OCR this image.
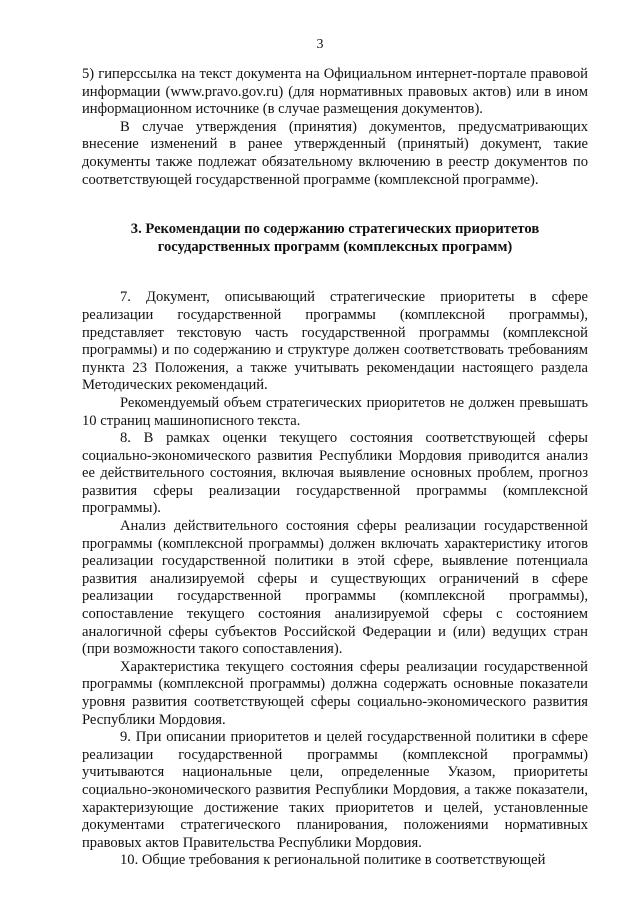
3

5) гиперссылка на текст документа на Официальном интернет-портале правовой информации (www.pravo.gov.ru) (для нормативных правовых актов) или в ином информационном источнике (в случае размещения документов).

В случае утверждения (принятия) документов, предусматривающих внесение изменений в ранее утвержденный (принятый) документ, такие документы также подлежат обязательному включению в реестр документов по соответствующей государственной программе (комплексной программе).

3. Рекомендации по содержанию стратегических приоритетов государственных программ (комплексных программ)

7. Документ, описывающий стратегические приоритеты в сфере реализации государственной программы (комплексной программы), представляет текстовую часть государственной программы (комплексной программы) и по содержанию и структуре должен соответствовать требованиям пункта 23 Положения, а также учитывать рекомендации настоящего раздела Методических рекомендаций.

Рекомендуемый объем стратегических приоритетов не должен превышать 10 страниц машинописного текста.

8. В рамках оценки текущего состояния соответствующей сферы социально-экономического развития Республики Мордовия приводится анализ ее действительного состояния, включая выявление основных проблем, прогноз развития сферы реализации государственной программы (комплексной программы).

Анализ действительного состояния сферы реализации государственной программы (комплексной программы) должен включать характеристику итогов реализации государственной политики в этой сфере, выявление потенциала развития анализируемой сферы и существующих ограничений в сфере реализации государственной программы (комплексной программы), сопоставление текущего состояния анализируемой сферы с состоянием аналогичной сферы субъектов Российской Федерации и (или) ведущих стран (при возможности такого сопоставления).

Характеристика текущего состояния сферы реализации государственной программы (комплексной программы) должна содержать основные показатели уровня развития соответствующей сферы социально-экономического развития Республики Мордовия.

9. При описании приоритетов и целей государственной политики в сфере реализации государственной программы (комплексной программы) учитываются национальные цели, определенные Указом, приоритеты социально-экономического развития Республики Мордовия, а также показатели, характеризующие достижение таких приоритетов и целей, установленные документами стратегического планирования, положениями нормативных правовых актов Правительства Республики Мордовия.

10. Общие требования к региональной политике в соответствующей
